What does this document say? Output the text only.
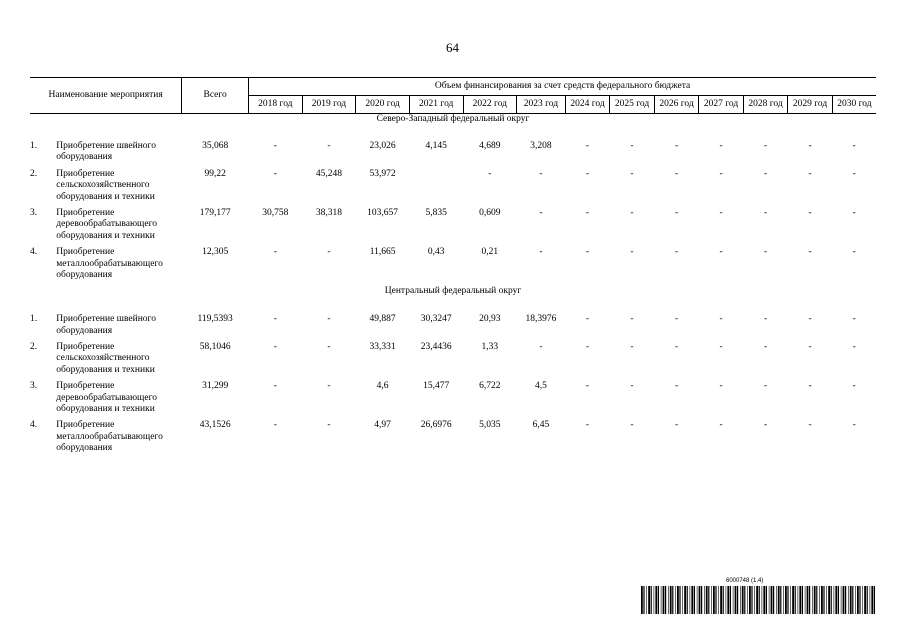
64
Наименование мероприятия		Всего	Объем финансирования за счет средств федерального бюджета												
			2018 год	2019 год	2020 год	2021 год	2022 год	2023 год	2024 год	2025 год	2026 год	2027 год	2028 год	2029 год	2030 год
Северо-Западный федеральный округ															
1.	Приобретение швейного оборудования	35,068	-	-	23,026	4,145	4,689	3,208	-	-	-	-	-	-	-
2.	Приобретение сельскохозяйственного оборудования и техники	99,22	-	45,248	53,972		-	-	-	-	-	-	-	-	-
3.	Приобретение деревообрабатывающего оборудования и техники	179,177	30,758	38,318	103,657	5,835	0,609	-	-	-	-	-	-	-	-
4.	Приобретение металлообрабатывающего оборудования	12,305	-	-	11,665	0,43	0,21	-	-	-	-	-	-	-	-
Центральный федеральный округ															
1.	Приобретение швейного оборудования	119,5393	-	-	49,887	30,3247	20,93	18,3976	-	-	-	-	-	-	-
2.	Приобретение сельскохозяйственного оборудования и техники	58,1046	-	-	33,331	23,4436	1,33	-	-	-	-	-	-	-	-
3.	Приобретение деревообрабатывающего оборудования и техники	31,299	-	-	4,6	15,477	6,722	4,5	-	-	-	-	-	-	-
4.	Приобретение металлообрабатывающего оборудования	43,1526	-	-	4,97	26,6976	5,035	6,45	-	-	-	-	-	-	-
6000748 (1.4)
